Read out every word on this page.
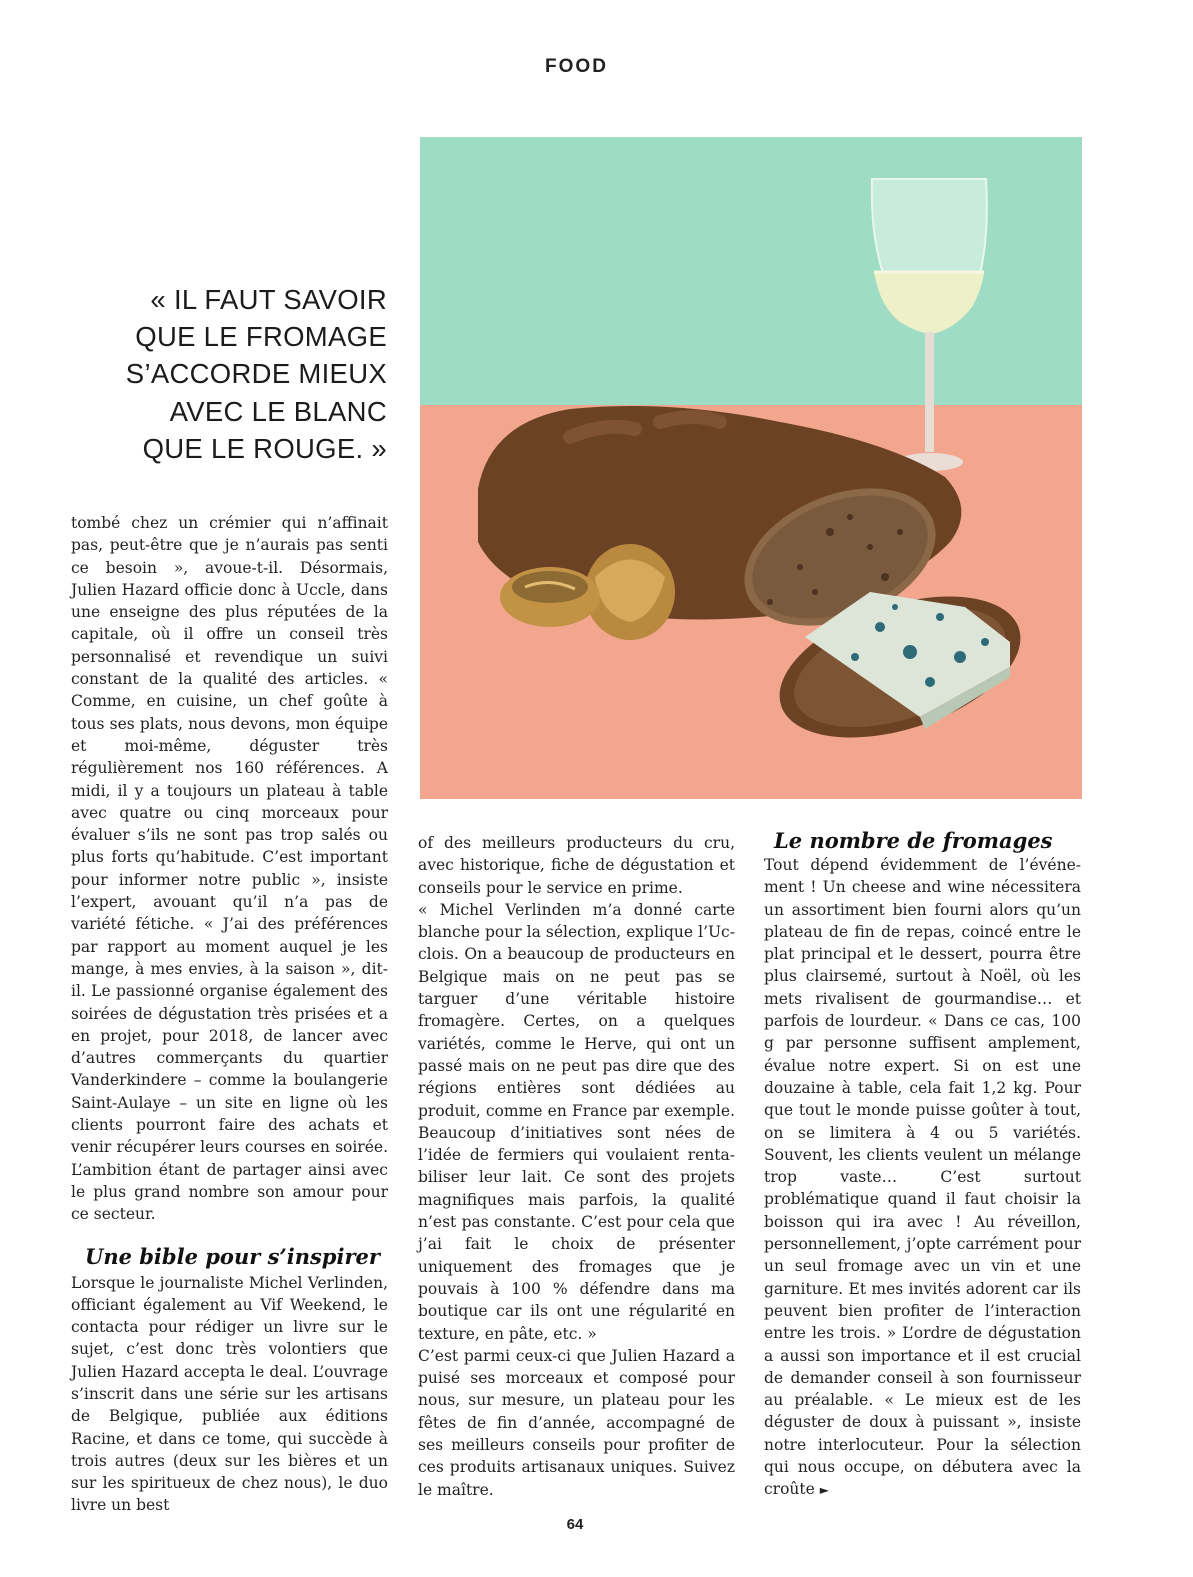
FOOD
« IL FAUT SAVOIR
QUE LE FROMAGE
S’ACCORDE MIEUX
AVEC LE BLANC
QUE LE ROUGE. »

tombé chez un crémier qui n’affinait pas, peut-être que je n’aurais pas senti ce besoin », avoue-t-il. Désormais, Julien Hazard officie donc à Uccle, dans une enseigne des plus réputées de la capitale, où il offre un conseil très personnalisé et revendique un suivi constant de la qualité des articles. « Comme, en cuisine, un chef goûte à tous ses plats, nous devons, mon équipe et moi-même, déguster très régulièrement nos 160 références. A midi, il y a toujours un plateau à table avec quatre ou cinq morceaux pour évaluer s’ils ne sont pas trop salés ou plus forts qu’habitude. C’est important pour informer notre public », insiste l’expert, avouant qu’il n’a pas de variété fétiche. « J’ai des préférences par rapport au moment auquel je les mange, à mes envies, à la saison », dit-il. Le passionné organise également des soirées de dégustation très prisées et a en projet, pour 2018, de lancer avec d’autres commerçants du quartier Vanderkindere – comme la boulangerie Saint-Aulaye – un site en ligne où les clients pourront faire des achats et venir récupérer leurs courses en soirée. L’ambition étant de partager ainsi avec le plus grand nombre son amour pour ce secteur.

Une bible pour s’inspirer

Lorsque le journaliste Michel Verlinden, officiant également au Vif Weekend, le contacta pour rédiger un livre sur le sujet, c’est donc très volontiers que Julien Hazard accepta le deal. L’ouvrage s’inscrit dans une série sur les artisans de Belgique, publiée aux éditions Racine, et dans ce tome, qui succède à trois autres (deux sur les bières et un sur les spiritueux de chez nous), le duo livre un best

of des meilleurs producteurs du cru, avec historique, fiche de dégustation et conseils pour le service en prime.

« Michel Verlinden m’a donné carte blanche pour la sélection, explique l’Ucclois. On a beaucoup de producteurs en Belgique mais on ne peut pas se targuer d’une véritable histoire fromagère. Certes, on a quelques variétés, comme le Herve, qui ont un passé mais on ne peut pas dire que des régions entières sont dédiées au produit, comme en France par exemple. Beaucoup d’initiatives sont nées de l’idée de fermiers qui voulaient rentabiliser leur lait. Ce sont des projets magnifiques mais parfois, la qualité n’est pas constante. C’est pour cela que j’ai fait le choix de présenter uniquement des fromages que je pouvais à 100 % défendre dans ma boutique car ils ont une régularité en texture, en pâte, etc. »

C’est parmi ceux-ci que Julien Hazard a puisé ses morceaux et composé pour nous, sur mesure, un plateau pour les fêtes de fin d’année, accompagné de ses meilleurs conseils pour profiter de ces produits artisanaux uniques. Suivez le maître.

Le nombre de fromages

Tout dépend évidemment de l’événement ! Un cheese and wine nécessitera un assortiment bien fourni alors qu’un plateau de fin de repas, coincé entre le plat principal et le dessert, pourra être plus clairsemé, surtout à Noël, où les mets rivalisent de gourmandise… et parfois de lourdeur. « Dans ce cas, 100 g par personne suffisent amplement, évalue notre expert. Si on est une douzaine à table, cela fait 1,2 kg. Pour que tout le monde puisse goûter à tout, on se limitera à 4 ou 5 variétés. Souvent, les clients veulent un mélange trop vaste… C’est surtout problématique quand il faut choisir la boisson qui ira avec ! Au réveillon, personnellement, j’opte carrément pour un seul fromage avec un vin et une garniture. Et mes invités adorent car ils peuvent bien profiter de l’interaction entre les trois. » L’ordre de dégustation a aussi son importance et il est crucial de demander conseil à son fournisseur au préalable. « Le mieux est de les déguster de doux à puissant », insiste notre interlocuteur. Pour la sélection qui nous occupe, on débutera avec la croûte ►

64
